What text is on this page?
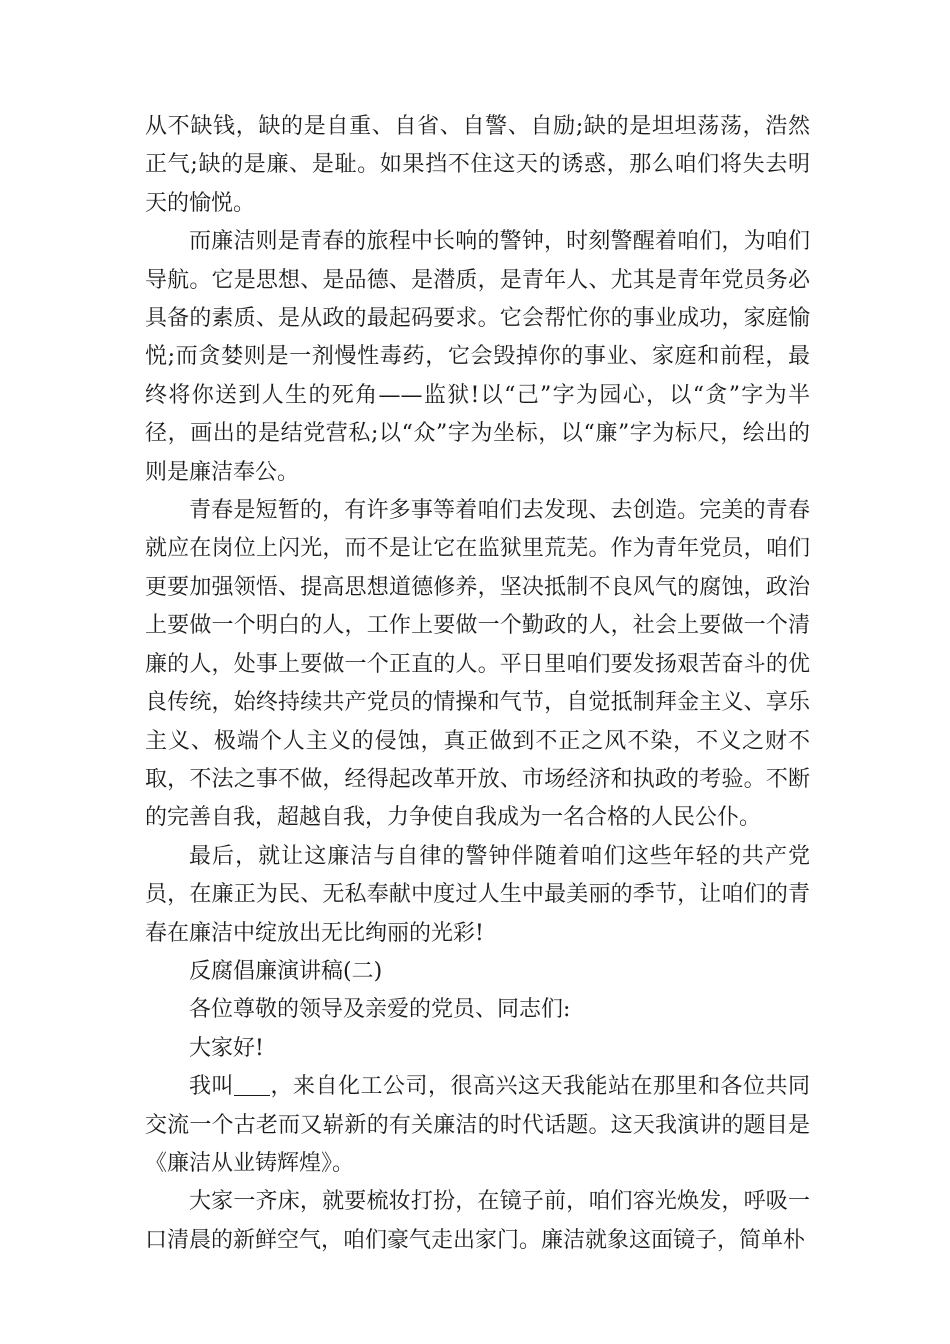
从不缺钱，缺的是自重、自省、自警、自励;缺的是坦坦荡荡，浩然正气;缺的是廉、是耻。如果挡不住这天的诱惑，那么咱们将失去明天的愉悦。

而廉洁则是青春的旅程中长响的警钟，时刻警醒着咱们，为咱们导航。它是思想、是品德、是潜质，是青年人、尤其是青年党员务必具备的素质、是从政的最起码要求。它会帮忙你的事业成功，家庭愉悦;而贪婪则是一剂慢性毒药，它会毁掉你的事业、家庭和前程，最终将你送到人生的死角——监狱!以“己”字为园心，以“贪”字为半径，画出的是结党营私;以“众”字为坐标，以“廉”字为标尺，绘出的则是廉洁奉公。

青春是短暂的，有许多事等着咱们去发现、去创造。完美的青春就应在岗位上闪光，而不是让它在监狱里荒芜。作为青年党员，咱们更要加强领悟、提高思想道德修养，坚决抵制不良风气的腐蚀，政治上要做一个明白的人，工作上要做一个勤政的人，社会上要做一个清廉的人，处事上要做一个正直的人。平日里咱们要发扬艰苦奋斗的优良传统，始终持续共产党员的情操和气节，自觉抵制拜金主义、享乐主义、极端个人主义的侵蚀，真正做到不正之风不染，不义之财不取，不法之事不做，经得起改革开放、市场经济和执政的考验。不断的完善自我，超越自我，力争使自我成为一名合格的人民公仆。

最后，就让这廉洁与自律的警钟伴随着咱们这些年轻的共产党员，在廉正为民、无私奉献中度过人生中最美丽的季节，让咱们的青春在廉洁中绽放出无比绚丽的光彩!

反腐倡廉演讲稿(二)

各位尊敬的领导及亲爱的党员、同志们:

大家好!

我叫 ，来自化工公司，很高兴这天我能站在那里和各位共同交流一个古老而又崭新的有关廉洁的时代话题。这天我演讲的题目是《廉洁从业铸辉煌》。

大家一齐床，就要梳妆打扮，在镜子前，咱们容光焕发，呼吸一口清晨的新鲜空气，咱们豪气走出家门。廉洁就象这面镜子，简单朴
